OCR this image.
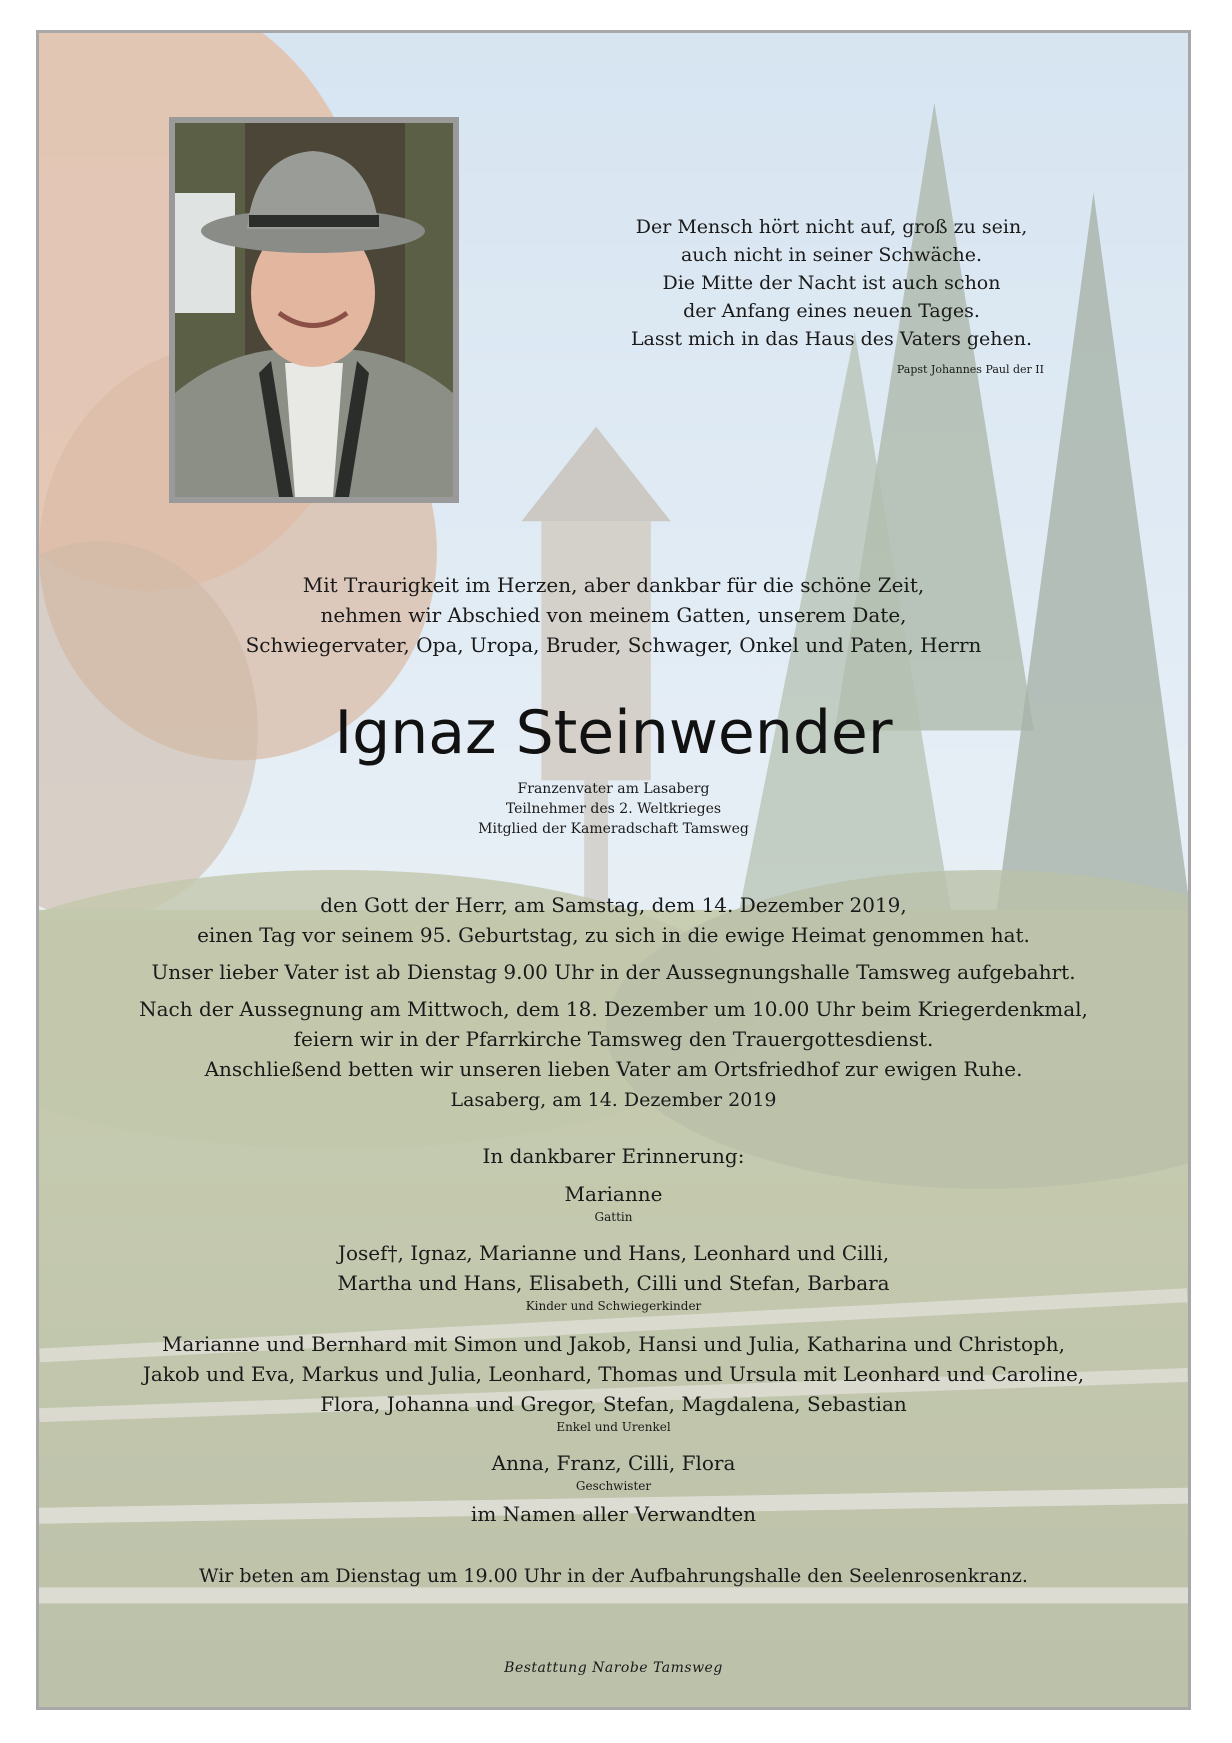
Der Mensch hört nicht auf, groß zu sein,
auch nicht in seiner Schwäche.
Die Mitte der Nacht ist auch schon
der Anfang eines neuen Tages.
Lasst mich in das Haus des Vaters gehen.
Papst Johannes Paul der II
Mit Traurigkeit im Herzen, aber dankbar für die schöne Zeit,
nehmen wir Abschied von meinem Gatten, unserem Date,
Schwiegervater, Opa, Uropa, Bruder, Schwager, Onkel und Paten, Herrn
Ignaz Steinwender
Franzenvater am Lasaberg
Teilnehmer des 2. Weltkrieges
Mitglied der Kameradschaft Tamsweg
den Gott der Herr, am Samstag, dem 14. Dezember 2019,
einen Tag vor seinem 95. Geburtstag, zu sich in die ewige Heimat genommen hat.
Unser lieber Vater ist ab Dienstag 9.00 Uhr in der Aussegnungshalle Tamsweg aufgebahrt.
Nach der Aussegnung am Mittwoch, dem 18. Dezember um 10.00 Uhr beim Kriegerdenkmal,
feiern wir in der Pfarrkirche Tamsweg den Trauergottesdienst.
Anschließend betten wir unseren lieben Vater am Ortsfriedhof zur ewigen Ruhe.
Lasaberg, am 14. Dezember 2019
In dankbarer Erinnerung:
Marianne
Gattin
Josef†, Ignaz, Marianne und Hans, Leonhard und Cilli,
Martha und Hans, Elisabeth, Cilli und Stefan, Barbara
Kinder und Schwiegerkinder
Marianne und Bernhard mit Simon und Jakob, Hansi und Julia, Katharina und Christoph,
Jakob und Eva, Markus und Julia, Leonhard, Thomas und Ursula mit Leonhard und Caroline,
Flora, Johanna und Gregor, Stefan, Magdalena, Sebastian
Enkel und Urenkel
Anna, Franz, Cilli, Flora
Geschwister
im Namen aller Verwandten
Wir beten am Dienstag um 19.00 Uhr in der Aufbahrungshalle den Seelenrosenkranz.
Bestattung Narobe Tamsweg
